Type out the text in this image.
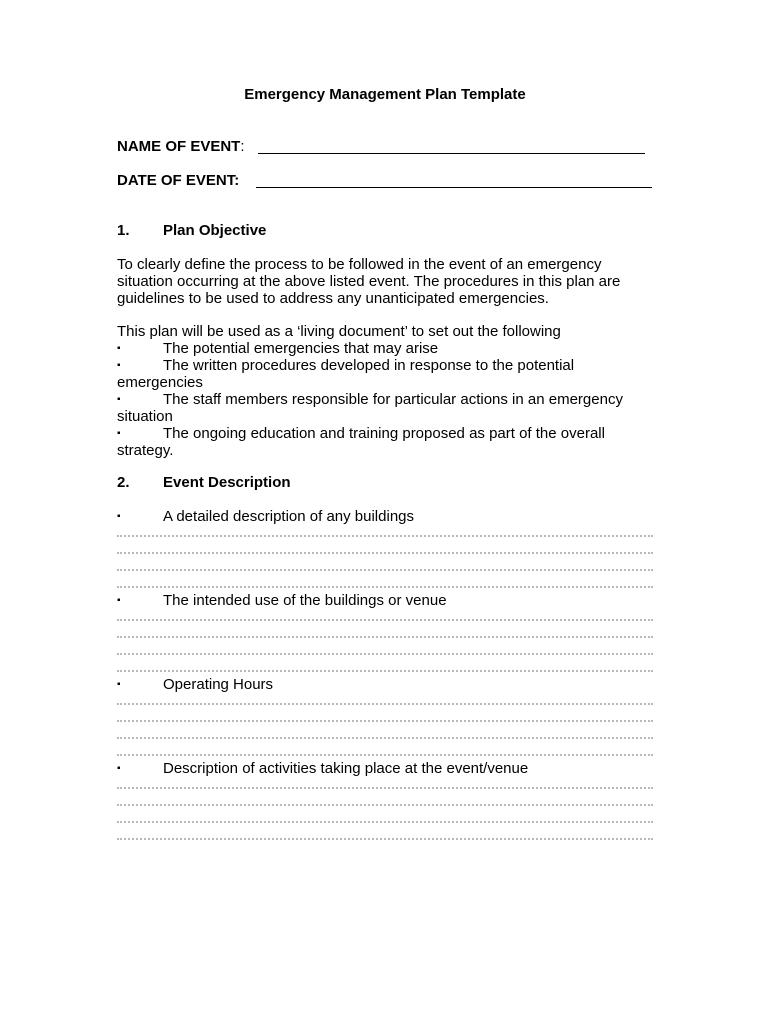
Emergency Management Plan Template
NAME OF EVENT:
DATE OF EVENT:
1. Plan Objective

To clearly define the process to be followed in the event of an emergency situation occurring at the above listed event. The procedures in this plan are guidelines to be used to address any unanticipated emergencies.

This plan will be used as a ‘living document’ to set out the following

▪	The potential emergencies that may arise

▪	The written procedures developed in response to the potential emergencies

▪	The staff members responsible for particular actions in an emergency situation

▪	The ongoing education and training proposed as part of the overall strategy.

2. Event Description
▪	A detailed description of any buildings
▪	The intended use of the buildings or venue
▪	Operating Hours
▪	Description of activities taking place at the event/venue
